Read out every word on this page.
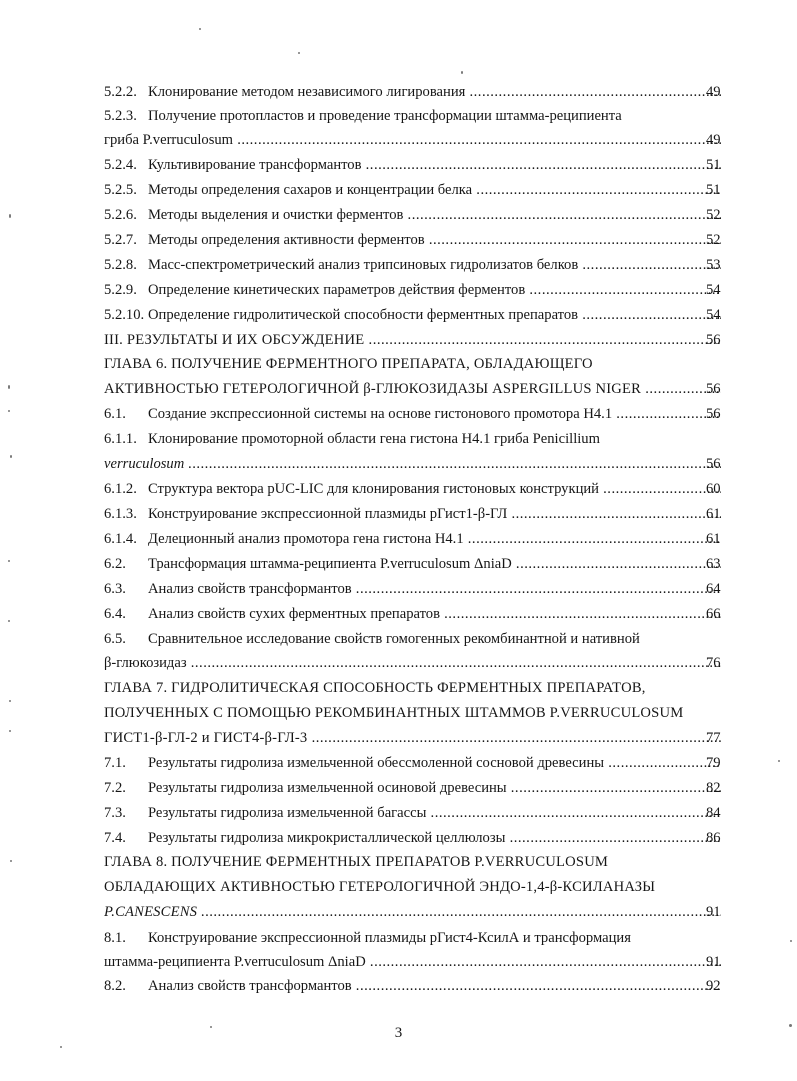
5.2.2. Клонирование методом независимого лигирования .....	49
5.2.3. Получение протопластов и проведение трансформации штамма-реципиента
гриба P.verruculosum .....	49
5.2.4. Культивирование трансформантов .....	51
5.2.5. Методы определения сахаров и концентрации белка .....	51
5.2.6. Методы выделения и очистки ферментов .....	52
5.2.7. Методы определения активности ферментов .....	52
5.2.8. Масс-спектрометрический анализ трипсиновых гидролизатов белков .....	53
5.2.9. Определение кинетических параметров действия ферментов .....	54
5.2.10. Определение гидролитической способности ферментных препаратов .....	54
III. РЕЗУЛЬТАТЫ И ИХ ОБСУЖДЕНИЕ .....	56
ГЛАВА 6. ПОЛУЧЕНИЕ ФЕРМЕНТНОГО ПРЕПАРАТА, ОБЛАДАЮЩЕГО
АКТИВНОСТЬЮ ГЕТЕРОЛОГИЧНОЙ β-ГЛЮКОЗИДАЗЫ ASPERGILLUS NIGER .....	56
6.1. Создание экспрессионной системы на основе гистонового промотора Н4.1 .....	56
6.1.1. Клонирование промоторной области гена гистона Н4.1 гриба Penicillium
verruculosum .....	56
6.1.2. Структура вектора pUC-LIC для клонирования гистоновых конструкций .....	60
6.1.3. Конструирование экспрессионной плазмиды рГист1-β-ГЛ .....	61
6.1.4. Делеционный анализ промотора гена гистона Н4.1 .....	61
6.2. Трансформация штамма-реципиента P.verruculosum ΔniaD .....	63
6.3. Анализ свойств трансформантов .....	64
6.4. Анализ свойств сухих ферментных препаратов .....	66
6.5. Сравнительное исследование свойств гомогенных рекомбинантной и нативной
β-глюкозидаз .....	76
ГЛАВА 7. ГИДРОЛИТИЧЕСКАЯ СПОСОБНОСТЬ ФЕРМЕНТНЫХ ПРЕПАРАТОВ,
ПОЛУЧЕННЫХ С ПОМОЩЬЮ РЕКОМБИНАНТНЫХ ШТАММОВ P.VERRUCULOSUM
ГИСТ1-β-ГЛ-2 и ГИСТ4-β-ГЛ-3 .....	77
7.1. Результаты гидролиза измельченной обессмоленной сосновой древесины .....	79
7.2. Результаты гидролиза измельченной осиновой древесины .....	82
7.3. Результаты гидролиза измельченной багассы .....	84
7.4. Результаты гидролиза микрокристаллической целлюлозы .....	86
ГЛАВА 8. ПОЛУЧЕНИЕ ФЕРМЕНТНЫХ ПРЕПАРАТОВ P.VERRUCULOSUM
ОБЛАДАЮЩИХ АКТИВНОСТЬЮ ГЕТЕРОЛОГИЧНОЙ ЭНДО-1,4-β-КСИЛАНАЗЫ
P.CANESCENS .....	91
8.1. Конструирование экспрессионной плазмиды рГист4-КсилА и трансформация
штамма-реципиента P.verruculosum ΔniaD .....	91
8.2. Анализ свойств трансформантов .....	92
3
